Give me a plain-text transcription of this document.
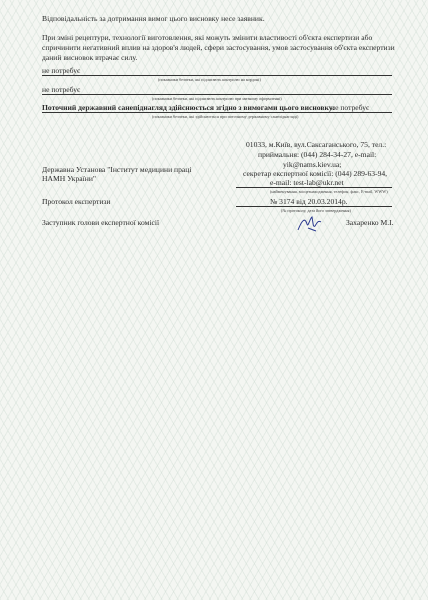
Відповідальність за дотримання вимог цього висновку несе заявник.
При зміні рецептури, технології виготовлення, які можуть змінити властивості об'єкта експертизи або
спричинити негативний вплив на здоров'я людей, сфери застосування, умов застосування об'єкта експертизи
даний висновок втрачає силу.
не потребує
(показники безпеки, які підлягають контролю на кордоні)
не потребує
(показники безпеки, які підлягають контролю при митному оформленні)
Поточний державний санепіднагляд здійснюється згідно з вимогами цього висновку:
не потребує
(показники безпеки, які здійснюється при поточному державному санепіднагляді)
01033, м.Київ, вул.Саксаганського, 75, тел.:
приймальня: (044) 284-34-27, e-mail:
yik@nams.kiev.ua;
Державна Установа "Інститут медицини праці	секретар експертної комісії: (044) 289-63-94,
НАМН України"	e-mail: test-lab@ukr.net
(найменування, місцезнаходження, телефон, факс, E-mail, WWW)
Протокол експертизи	№ 3174 від 20.03.2014р.
(№ протоколу, дата його затвердження)
Заступник голови експертної комісії	Захаренко М.І.
